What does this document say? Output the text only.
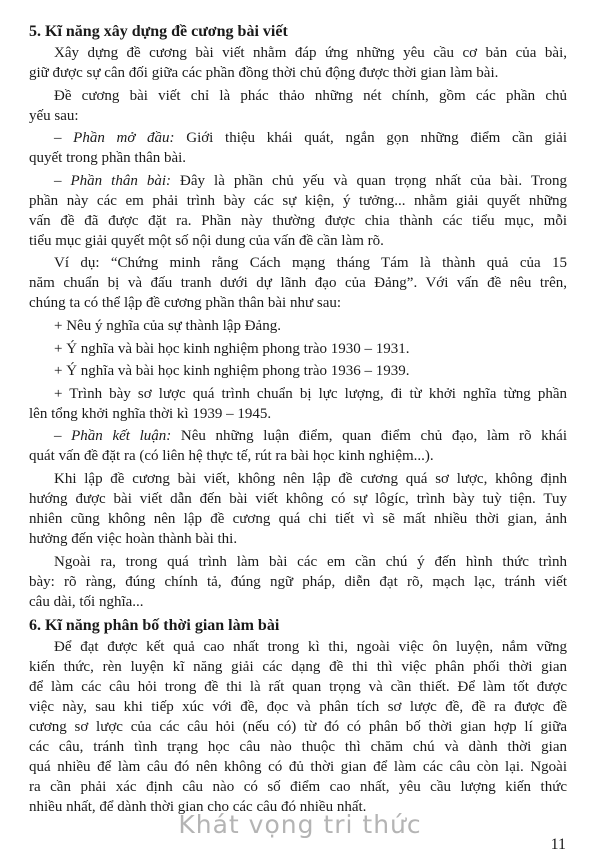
5. Kĩ năng xây dựng đề cương bài viết
Xây dựng đề cương bài viết nhằm đáp ứng những yêu cầu cơ bản của bài,
giữ được sự cân đối giữa các phần đồng thời chủ động được thời gian làm bài.
Đề cương bài viết chỉ là phác thảo những nét chính, gồm các phần chủ
yếu sau:
– Phần mở đầu: Giới thiệu khái quát, ngắn gọn những điểm cần giải
quyết trong phần thân bài.
– Phần thân bài: Đây là phần chủ yếu và quan trọng nhất của bài. Trong
phần này các em phải trình bày các sự kiện, ý tưởng... nhằm giải quyết những
vấn đề đã được đặt ra. Phần này thường được chia thành các tiểu mục, mỗi
tiểu mục giải quyết một số nội dung của vấn đề cần làm rõ.
Ví dụ: “Chứng minh rằng Cách mạng tháng Tám là thành quả của 15
năm chuẩn bị và đấu tranh dưới dự lãnh đạo của Đảng”. Với vấn đề nêu trên,
chúng ta có thể lập đề cương phần thân bài như sau:
+ Nêu ý nghĩa của sự thành lập Đảng.
+ Ý nghĩa và bài học kinh nghiệm phong trào 1930 – 1931.
+ Ý nghĩa và bài học kinh nghiệm phong trào 1936 – 1939.
+ Trình bày sơ lược quá trình chuẩn bị lực lượng, đi từ khởi nghĩa từng phần
lên tổng khởi nghĩa thời kì 1939 – 1945.
– Phần kết luận: Nêu những luận điểm, quan điểm chủ đạo, làm rõ khái
quát vấn đề đặt ra (có liên hệ thực tế, rút ra bài học kinh nghiệm...).
Khi lập đề cương bài viết, không nên lập đề cương quá sơ lược, không định
hướng được bài viết dẫn đến bài viết không có sự lôgíc, trình bày tuỳ tiện. Tuy
nhiên cũng không nên lập đề cương quá chi tiết vì sẽ mất nhiều thời gian, ảnh
hưởng đến việc hoàn thành bài thi.
Ngoài ra, trong quá trình làm bài các em cần chú ý đến hình thức trình
bày: rõ ràng, đúng chính tả, đúng ngữ pháp, diễn đạt rõ, mạch lạc, tránh viết
câu dài, tối nghĩa...
6. Kĩ năng phân bố thời gian làm bài
Để đạt được kết quả cao nhất trong kì thi, ngoài việc ôn luyện, nắm vững
kiến thức, rèn luyện kĩ năng giải các dạng đề thi thì việc phân phối thời gian
để làm các câu hỏi trong đề thi là rất quan trọng và cần thiết. Để làm tốt được
việc này, sau khi tiếp xúc với đề, đọc và phân tích sơ lược đề, đề ra được đề
cương sơ lược của các câu hỏi (nếu có) từ đó có phân bố thời gian hợp lí giữa
các câu, tránh tình trạng học câu nào thuộc thì chăm chú và dành thời gian
quá nhiều để làm câu đó nên không có đủ thời gian để làm các câu còn lại. Ngoài
ra cần phải xác định câu nào có số điểm cao nhất, yêu cầu lượng kiến thức
nhiều nhất, để dành thời gian cho các câu đó nhiều nhất.
Khát vọng tri thức
11
